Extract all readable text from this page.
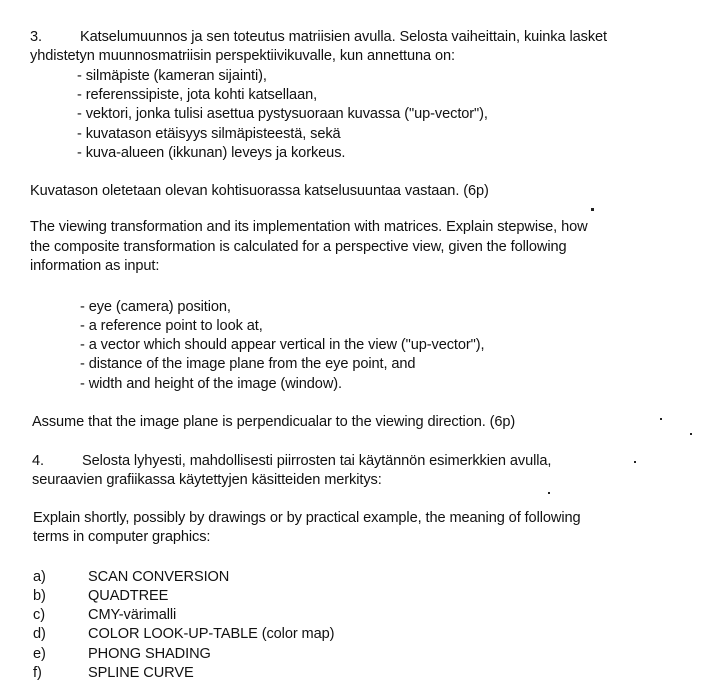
3.	Katselumuunnos ja sen toteutus matriisien avulla. Selosta vaiheittain, kuinka lasket
yhdistetyn muunnosmatriisin perspektiivikuvalle, kun annettuna on:
- silmäpiste (kameran sijainti),
- referenssipiste, jota kohti katsellaan,
- vektori, jonka tulisi asettua pystysuoraan kuvassa ("up-vector"),
- kuvatason etäisyys silmäpisteestä, sekä
- kuva-alueen (ikkunan) leveys ja korkeus.
Kuvatason oletetaan olevan kohtisuorassa katselusuuntaa vastaan. (6p)
The viewing transformation and its implementation with matrices. Explain stepwise, how
the composite transformation is calculated for a perspective view, given the following
information as input:
- eye (camera) position,
- a reference point to look at,
- a vector which should appear vertical in the view ("up-vector"),
- distance of the image plane from the eye point, and
- width and height of the image (window).
Assume that the image plane is perpendicualar to the viewing direction. (6p)
4.	Selosta lyhyesti, mahdollisesti piirrosten tai käytännön esimerkkien avulla,
seuraavien grafiikassa käytettyjen käsitteiden merkitys:
Explain shortly, possibly by drawings or by practical example, the meaning of following
terms in computer graphics:
a)	SCAN CONVERSION
b)	QUADTREE
c)	CMY-värimalli
d)	COLOR LOOK-UP-TABLE (color map)
e)	PHONG SHADING
f)	SPLINE CURVE
